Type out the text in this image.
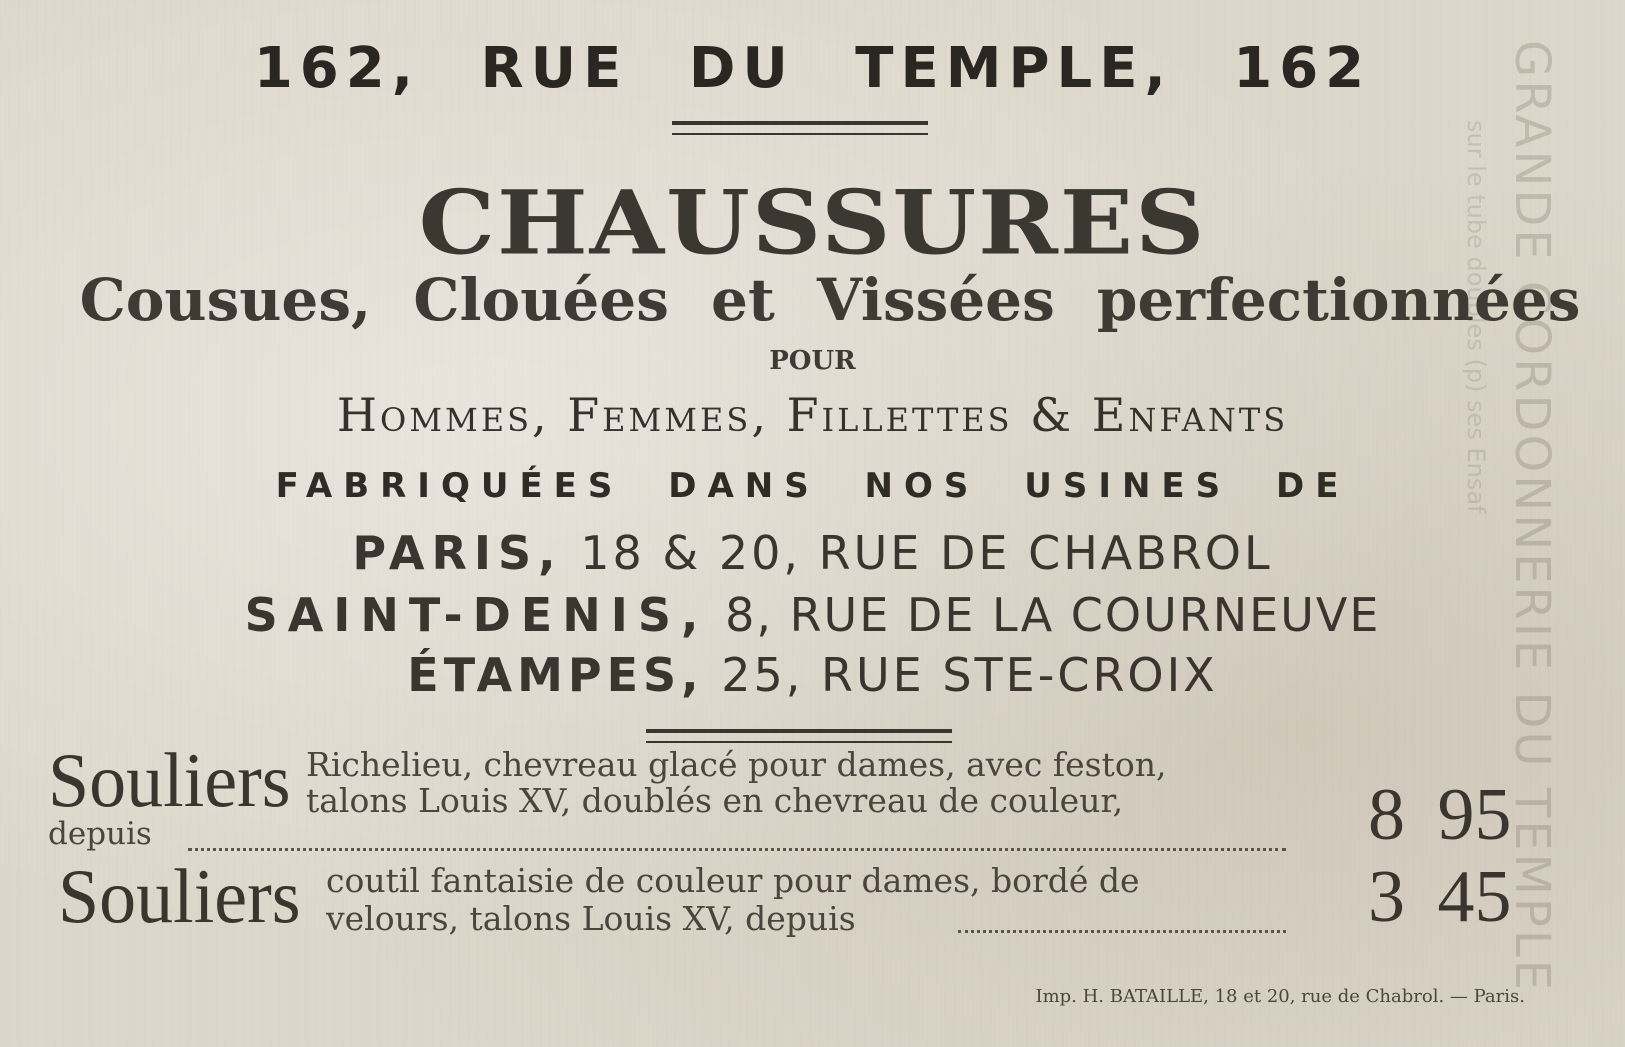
GRANDE CORDONNERIE DU TEMPLE
sur le tube doubles (p) ses Ensaf
162, RUE DU TEMPLE, 162
CHAUSSURES
Cousues, Clouées et Vissées perfectionnées
POUR
Hommes, Femmes, Fillettes & Enfants
FABRIQUÉES DANS NOS USINES DE
PARIS, 18 & 20, RUE DE CHABROL
SAINT-DENIS, 8, RUE DE LA COURNEUVE
ÉTAMPES, 25, RUE STE-CROIX
Souliers Richelieu, chevreau glacé pour dames, avec feston,
talons Louis XV, doublés en chevreau de couleur,
depuis	8 95
Souliers coutil fantaisie de couleur pour dames, bordé de
velours, talons Louis XV, depuis	3 45
Imp. H. BATAILLE, 18 et 20, rue de Chabrol. — Paris.
